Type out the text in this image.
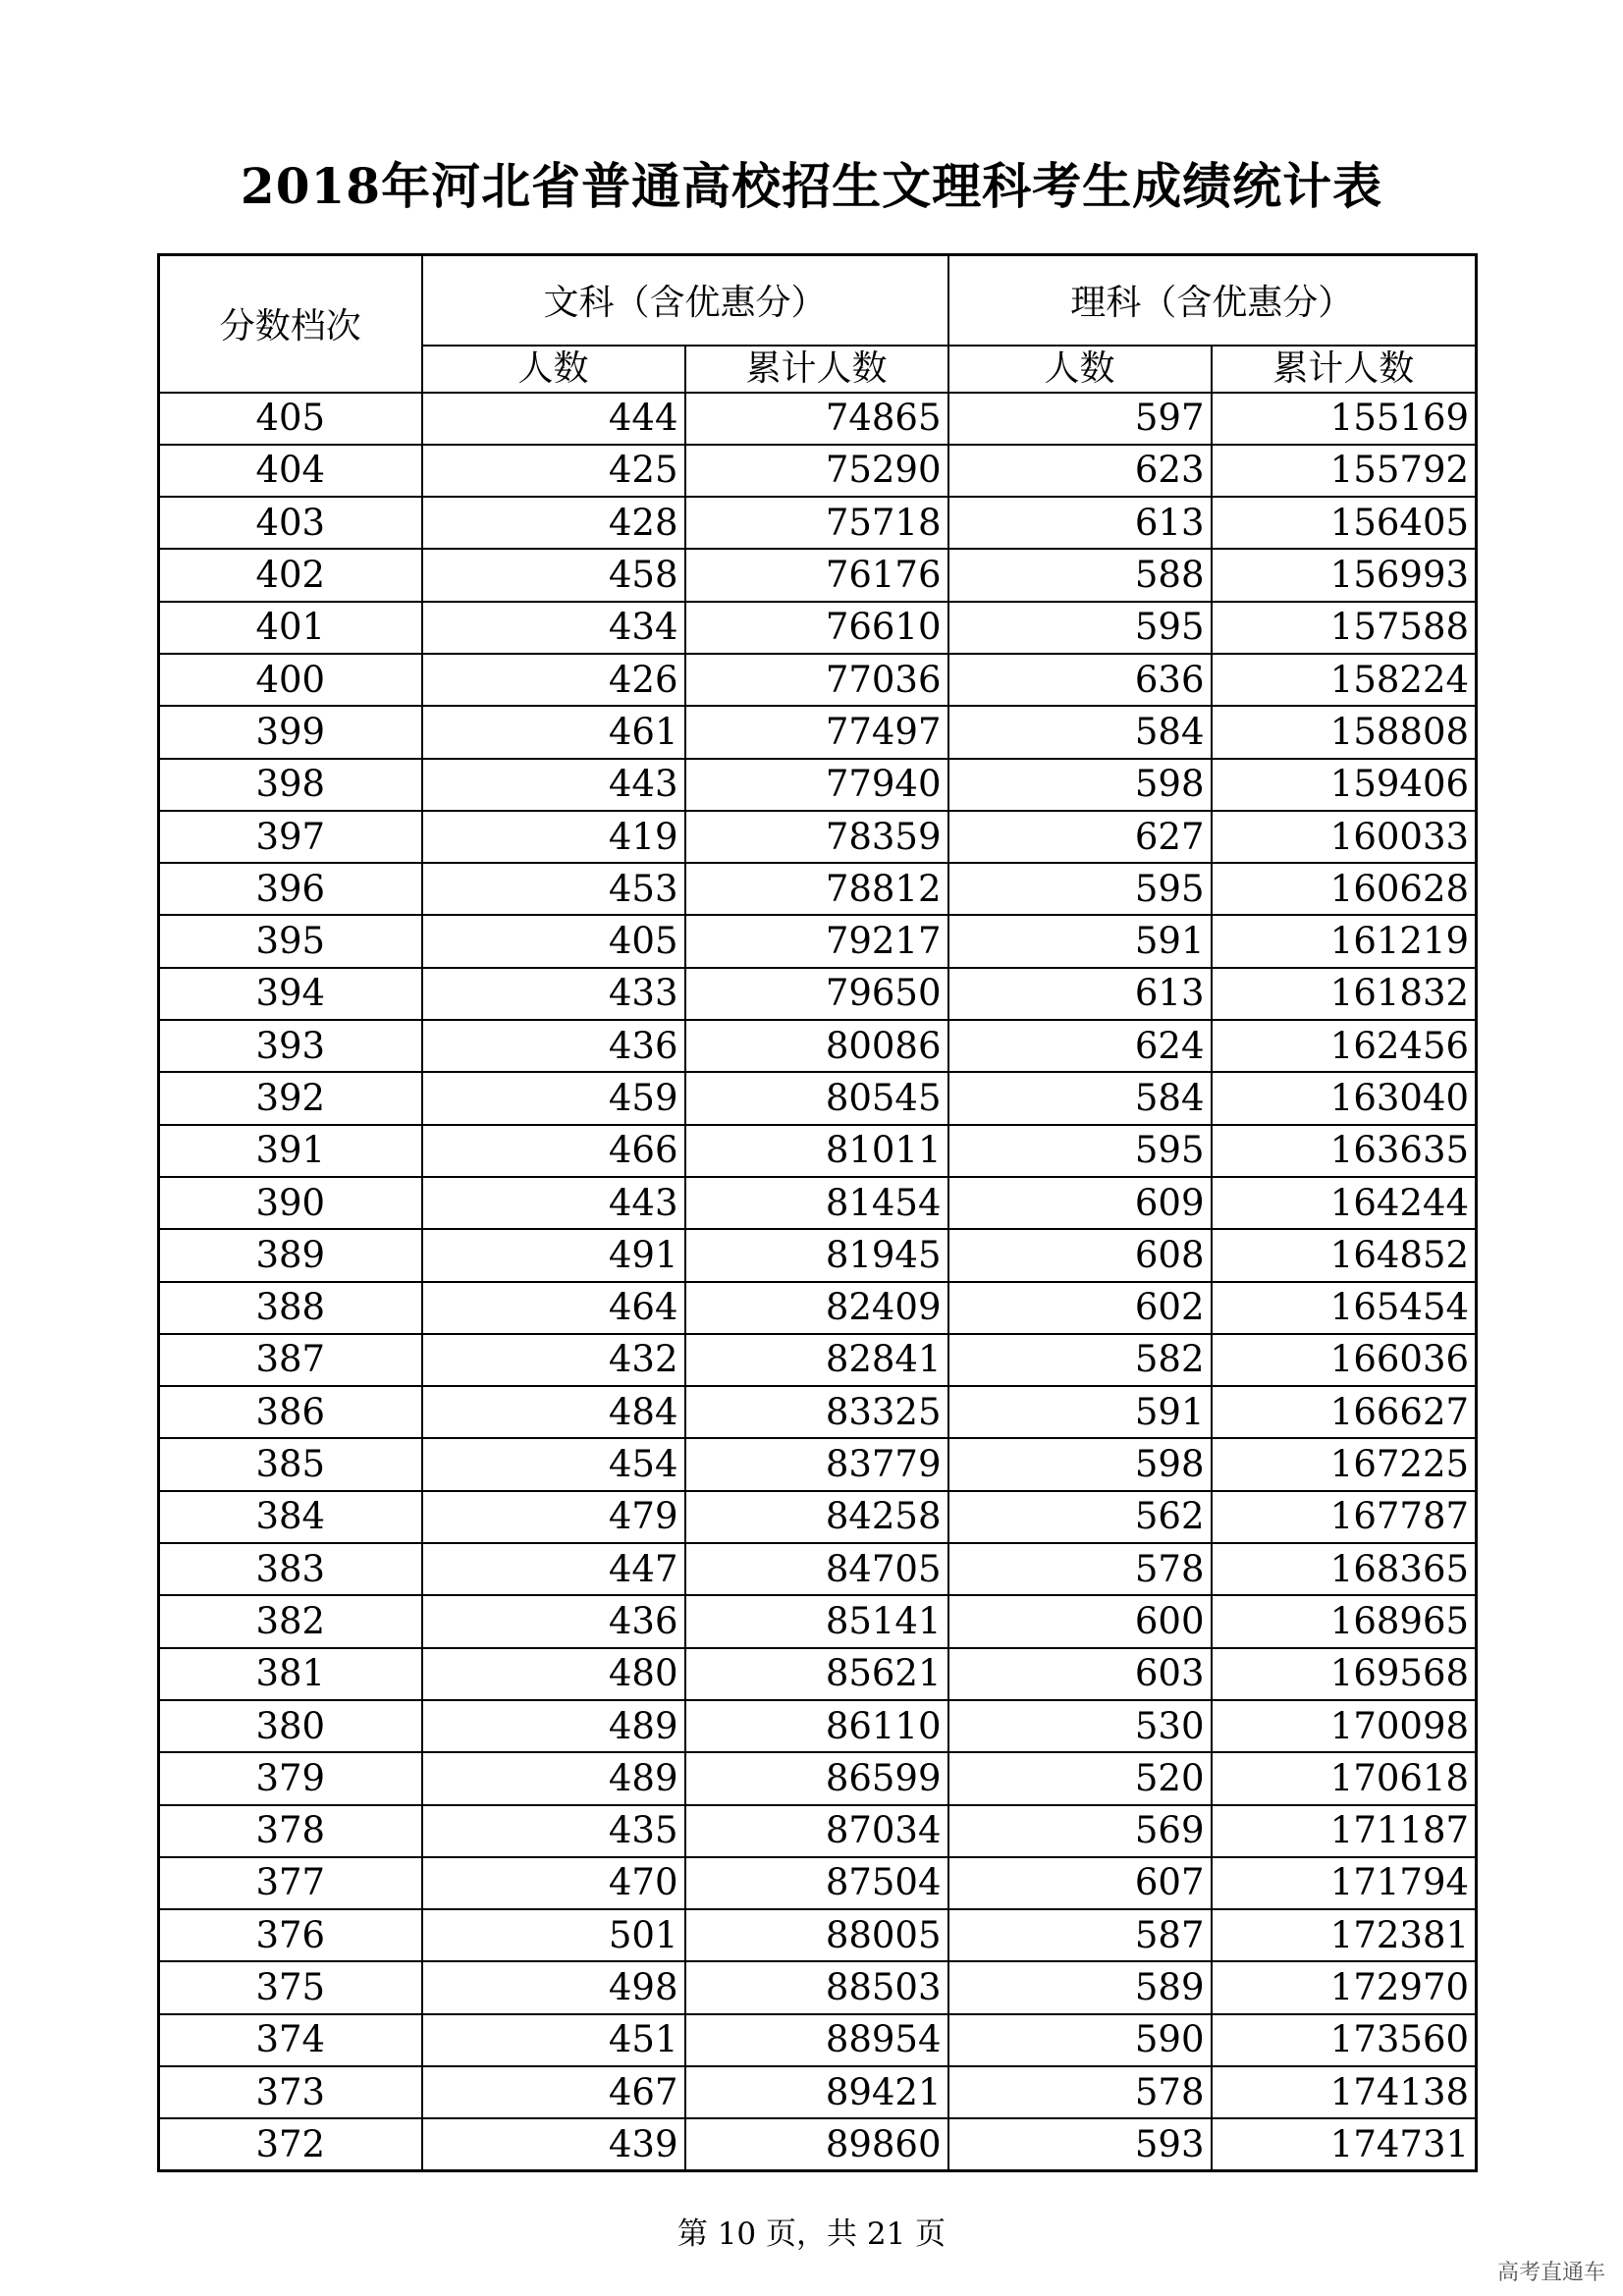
2018年河北省普通高校招生文理科考生成绩统计表
分数档次	文科（含优惠分）		理科（含优惠分）	
	人数	累计人数	人数	累计人数
405	444	74865	597	155169
404	425	75290	623	155792
403	428	75718	613	156405
402	458	76176	588	156993
401	434	76610	595	157588
400	426	77036	636	158224
399	461	77497	584	158808
398	443	77940	598	159406
397	419	78359	627	160033
396	453	78812	595	160628
395	405	79217	591	161219
394	433	79650	613	161832
393	436	80086	624	162456
392	459	80545	584	163040
391	466	81011	595	163635
390	443	81454	609	164244
389	491	81945	608	164852
388	464	82409	602	165454
387	432	82841	582	166036
386	484	83325	591	166627
385	454	83779	598	167225
384	479	84258	562	167787
383	447	84705	578	168365
382	436	85141	600	168965
381	480	85621	603	169568
380	489	86110	530	170098
379	489	86599	520	170618
378	435	87034	569	171187
377	470	87504	607	171794
376	501	88005	587	172381
375	498	88503	589	172970
374	451	88954	590	173560
373	467	89421	578	174138
372	439	89860	593	174731
第 10 页，共 21 页
高考直通车
